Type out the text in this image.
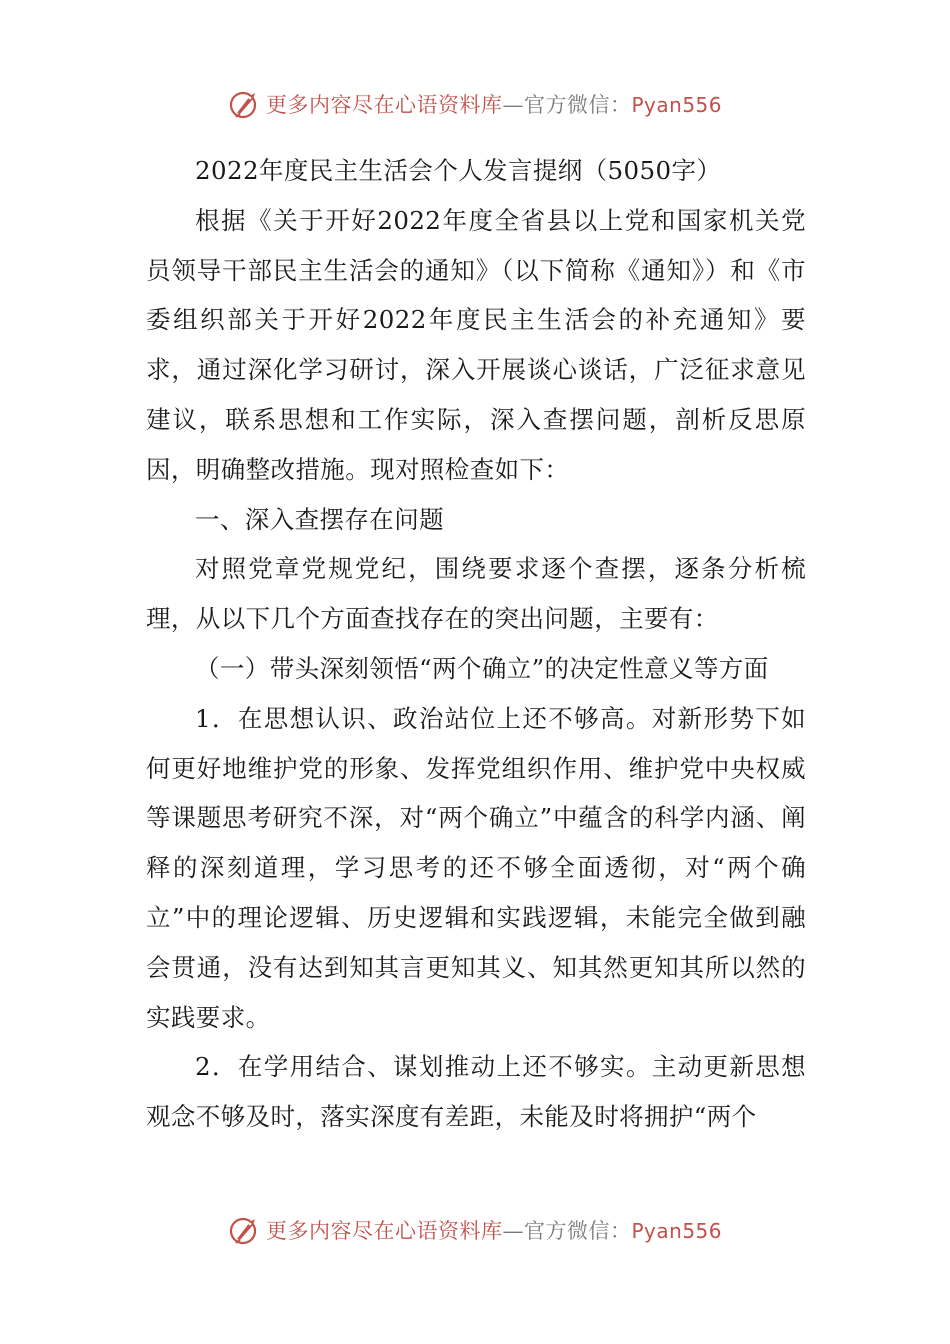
更多内容尽在心语资料库—官方微信：Pyan556

2022年度民主生活会个人发言提纲（5050字）

根据《关于开好2022年度全省县以上党和国家机关党员领导干部民主生活会的通知》（以下简称《通知》）和《市委组织部关于开好2022年度民主生活会的补充通知》要求，通过深化学习研讨，深入开展谈心谈话，广泛征求意见建议，联系思想和工作实际，深入查摆问题，剖析反思原因，明确整改措施。现对照检查如下：

一、深入查摆存在问题

对照党章党规党纪，围绕要求逐个查摆，逐条分析梳理，从以下几个方面查找存在的突出问题，主要有：

（一）带头深刻领悟“两个确立”的决定性意义等方面

1．在思想认识、政治站位上还不够高。对新形势下如何更好地维护党的形象、发挥党组织作用、维护党中央权威等课题思考研究不深，对“两个确立”中蕴含的科学内涵、阐释的深刻道理，学习思考的还不够全面透彻，对“两个确立”中的理论逻辑、历史逻辑和实践逻辑，未能完全做到融会贯通，没有达到知其言更知其义、知其然更知其所以然的实践要求。

2．在学用结合、谋划推动上还不够实。主动更新思想观念不够及时，落实深度有差距，未能及时将拥护“两个

更多内容尽在心语资料库—官方微信：Pyan556
